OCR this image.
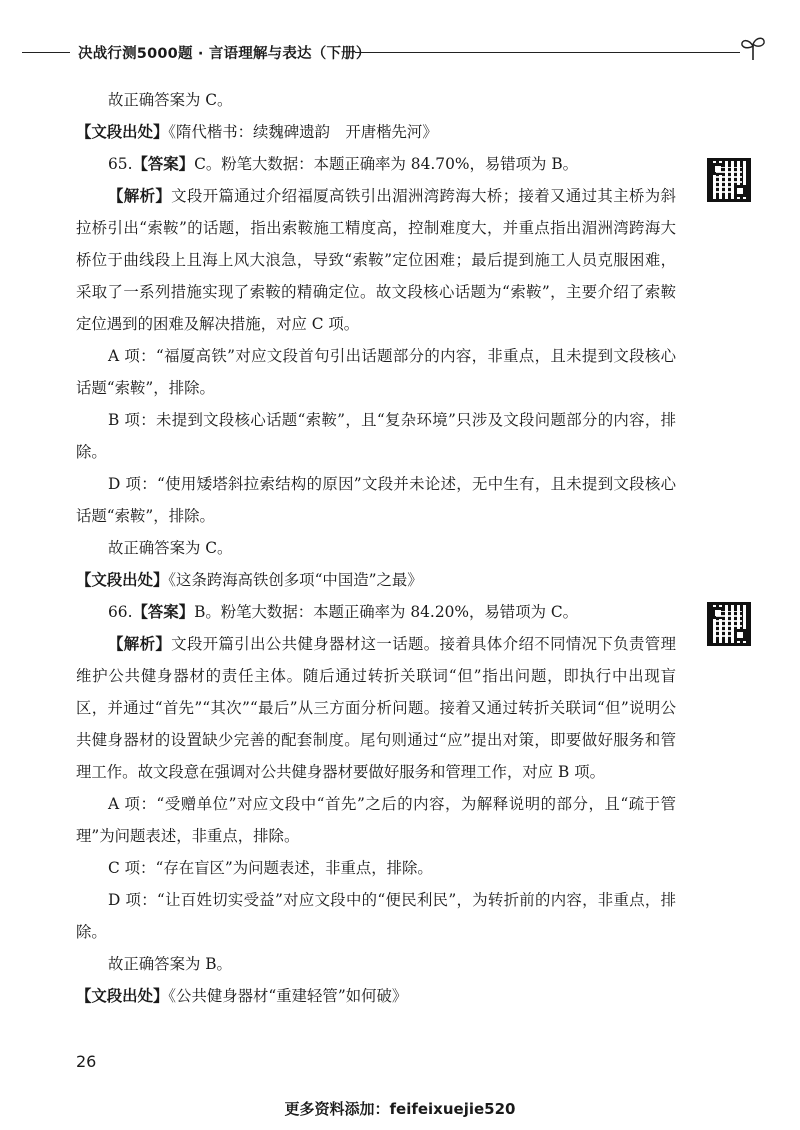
决战行测5000题 · 言语理解与表达（下册）

故正确答案为 C。

【文段出处】《隋代楷书：续魏碑遗韵　开唐楷先河》

65.【答案】C。粉笔大数据：本题正确率为 84.70%，易错项为 B。

【解析】文段开篇通过介绍福厦高铁引出湄洲湾跨海大桥；接着又通过其主桥为斜拉桥引出“索鞍”的话题，指出索鞍施工精度高，控制难度大，并重点指出湄洲湾跨海大桥位于曲线段上且海上风大浪急，导致“索鞍”定位困难；最后提到施工人员克服困难，采取了一系列措施实现了索鞍的精确定位。故文段核心话题为“索鞍”，主要介绍了索鞍定位遇到的困难及解决措施，对应 C 项。

A 项：“福厦高铁”对应文段首句引出话题部分的内容，非重点，且未提到文段核心话题“索鞍”，排除。

B 项：未提到文段核心话题“索鞍”，且“复杂环境”只涉及文段问题部分的内容，排除。

D 项：“使用矮塔斜拉索结构的原因”文段并未论述，无中生有，且未提到文段核心话题“索鞍”，排除。

故正确答案为 C。

【文段出处】《这条跨海高铁创多项“中国造”之最》

66.【答案】B。粉笔大数据：本题正确率为 84.20%，易错项为 C。

【解析】文段开篇引出公共健身器材这一话题。接着具体介绍不同情况下负责管理维护公共健身器材的责任主体。随后通过转折关联词“但”指出问题，即执行中出现盲区，并通过“首先”“其次”“最后”从三方面分析问题。接着又通过转折关联词“但”说明公共健身器材的设置缺少完善的配套制度。尾句则通过“应”提出对策，即要做好服务和管理工作。故文段意在强调对公共健身器材要做好服务和管理工作，对应 B 项。

A 项：“受赠单位”对应文段中“首先”之后的内容，为解释说明的部分，且“疏于管理”为问题表述，非重点，排除。

C 项：“存在盲区”为问题表述，非重点，排除。

D 项：“让百姓切实受益”对应文段中的“便民利民”，为转折前的内容，非重点，排除。

故正确答案为 B。

【文段出处】《公共健身器材“重建轻管”如何破》

26
更多资料添加：feifeixuejie520
